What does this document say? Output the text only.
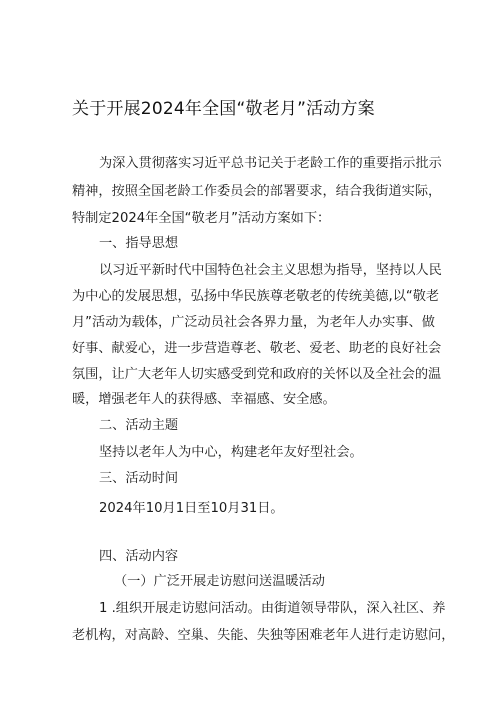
关于开展2024年全国“敬老月”活动方案
为深入贯彻落实习近平总书记关于老龄工作的重要指示批示
精神，按照全国老龄工作委员会的部署要求，结合我街道实际，
特制定2024年全国“敬老月”活动方案如下：
一、指导思想
以习近平新时代中国特色社会主义思想为指导，坚持以人民
为中心的发展思想，弘扬中华民族尊老敬老的传统美德,以“敬老
月”活动为载体，广泛动员社会各界力量，为老年人办实事、做
好事、献爱心，进一步营造尊老、敬老、爱老、助老的良好社会
氛围，让广大老年人切实感受到党和政府的关怀以及全社会的温
暖，增强老年人的获得感、幸福感、安全感。
二、活动主题
坚持以老年人为中心，构建老年友好型社会。
三、活动时间
2024年10月1日至10月31日。
四、活动内容
（一）广泛开展走访慰问送温暖活动
1 .组织开展走访慰问活动。由街道领导带队，深入社区、养
老机构，对高龄、空巢、失能、失独等困难老年人进行走访慰问，
